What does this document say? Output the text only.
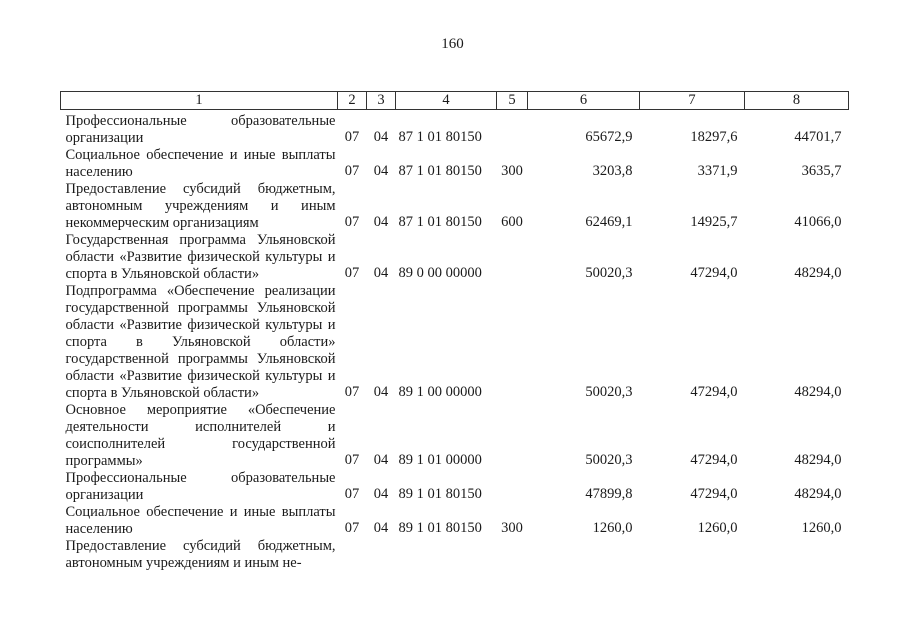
160
1	2	3	4	5	6	7	8
Профессиональные образовательные организации	07	04	87 1 01 80150		65672,9	18297,6	44701,7
Социальное обеспечение и иные выплаты населению	07	04	87 1 01 80150	300	3203,8	3371,9	3635,7
Предоставление субсидий бюджетным, автономным учреждениям и иным некоммерческим организациям	07	04	87 1 01 80150	600	62469,1	14925,7	41066,0
Государственная программа Ульяновской области «Развитие физической культуры и спорта в Ульяновской области»	07	04	89 0 00 00000		50020,3	47294,0	48294,0
Подпрограмма «Обеспечение реализации государственной программы Ульяновской области «Развитие физической культуры и спорта в Ульяновской области» государственной программы Ульяновской области «Развитие физической культуры и спорта в Ульяновской области»	07	04	89 1 00 00000		50020,3	47294,0	48294,0
Основное мероприятие «Обеспечение деятельности исполнителей и соисполнителей государственной программы»	07	04	89 1 01 00000		50020,3	47294,0	48294,0
Профессиональные образовательные организации	07	04	89 1 01 80150		47899,8	47294,0	48294,0
Социальное обеспечение и иные выплаты населению	07	04	89 1 01 80150	300	1260,0	1260,0	1260,0
Предоставление субсидий бюджетным, автономным учреждениям и иным не-							
